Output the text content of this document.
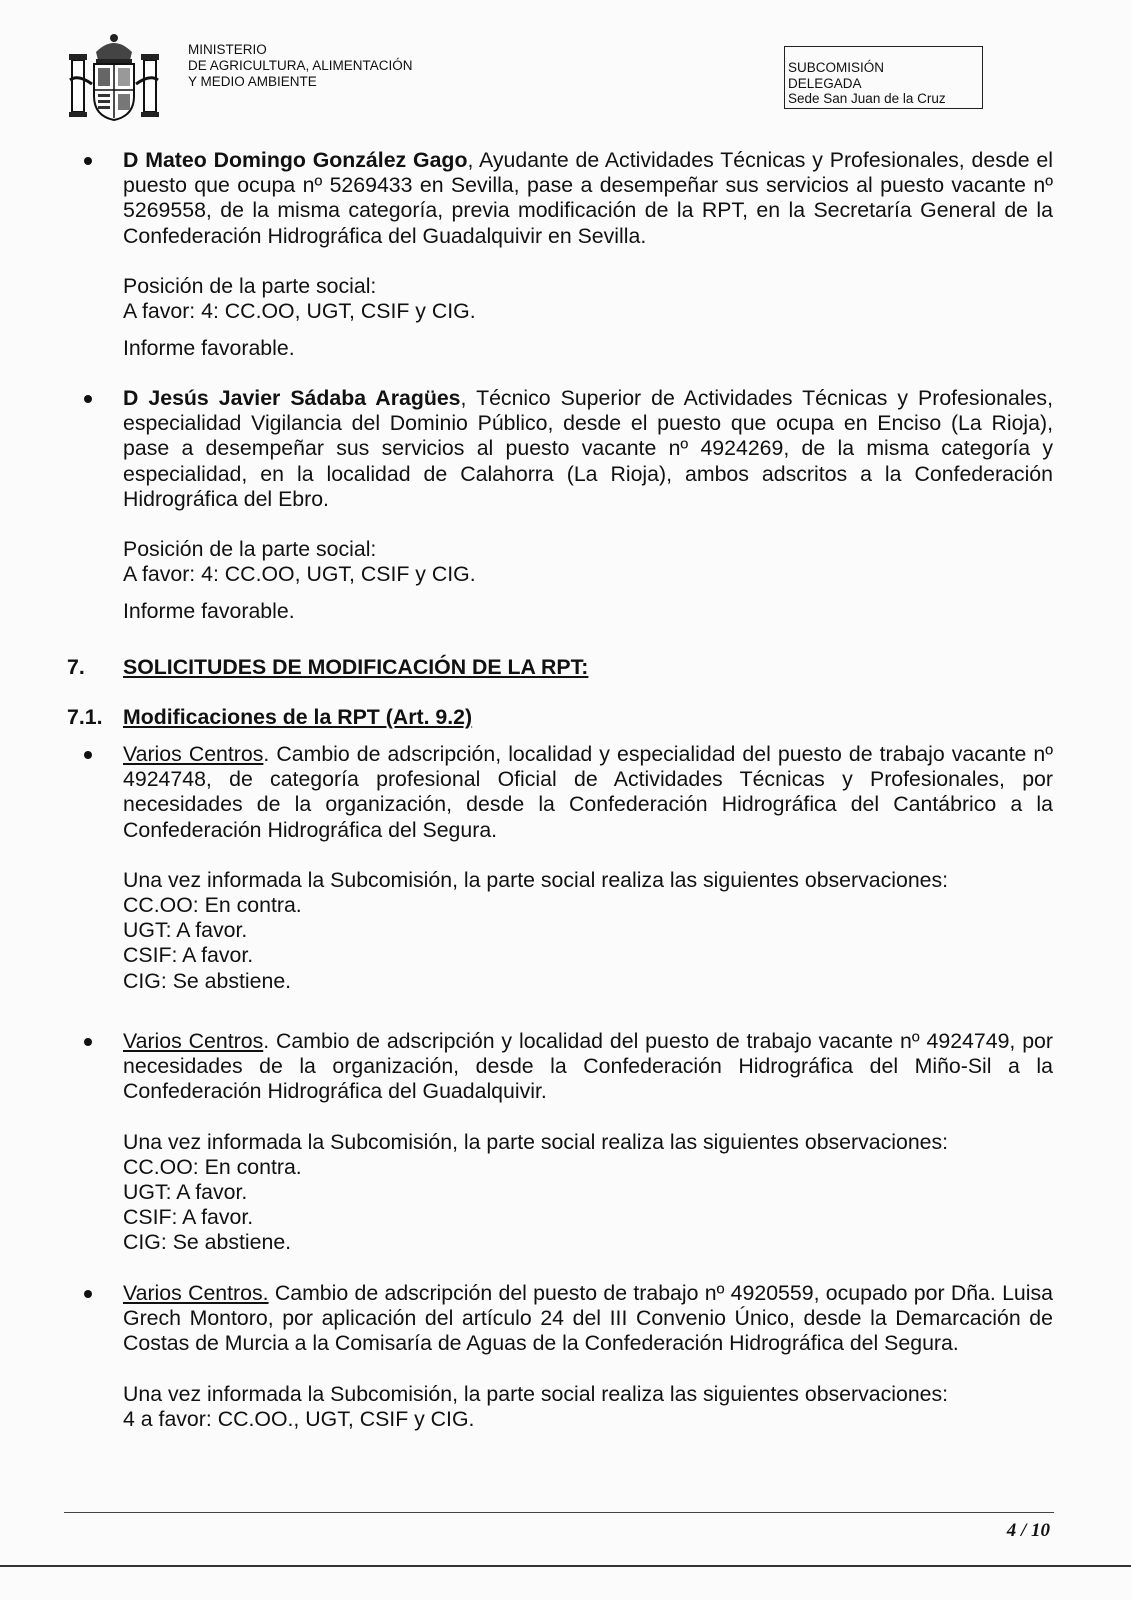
MINISTERIO
DE AGRICULTURA, ALIMENTACIÓN
Y MEDIO AMBIENTE
SUBCOMISIÓN
DELEGADA
Sede San Juan de la Cruz

D Mateo Domingo González Gago, Ayudante de Actividades Técnicas y Profesionales, desde el puesto que ocupa nº 5269433 en Sevilla, pase a desempeñar sus servicios al puesto vacante nº 5269558, de la misma categoría, previa modificación de la RPT, en la Secretaría General de la Confederación Hidrográfica del Guadalquivir en Sevilla.

Posición de la parte social:

A favor: 4: CC.OO, UGT, CSIF y CIG.

Informe favorable.

D Jesús Javier Sádaba Aragües, Técnico Superior de Actividades Técnicas y Profesionales, especialidad Vigilancia del Dominio Público, desde el puesto que ocupa en Enciso (La Rioja), pase a desempeñar sus servicios al puesto vacante nº 4924269, de la misma categoría y especialidad, en la localidad de Calahorra (La Rioja), ambos adscritos a la Confederación Hidrográfica del Ebro.

Posición de la parte social:

A favor: 4: CC.OO, UGT, CSIF y CIG.

Informe favorable.

7. SOLICITUDES DE MODIFICACIÓN DE LA RPT:
7.1. Modificaciones de la RPT (Art. 9.2)

Varios Centros. Cambio de adscripción, localidad y especialidad del puesto de trabajo vacante nº 4924748, de categoría profesional Oficial de Actividades Técnicas y Profesionales, por necesidades de la organización, desde la Confederación Hidrográfica del Cantábrico a la Confederación Hidrográfica del Segura.

Una vez informada la Subcomisión, la parte social realiza las siguientes observaciones:

CC.OO: En contra.

UGT: A favor.

CSIF: A favor.

CIG: Se abstiene.

Varios Centros. Cambio de adscripción y localidad del puesto de trabajo vacante nº 4924749, por necesidades de la organización, desde la Confederación Hidrográfica del Miño-Sil a la Confederación Hidrográfica del Guadalquivir.

Una vez informada la Subcomisión, la parte social realiza las siguientes observaciones:

CC.OO: En contra.

UGT: A favor.

CSIF: A favor.

CIG: Se abstiene.

Varios Centros. Cambio de adscripción del puesto de trabajo nº 4920559, ocupado por Dña. Luisa Grech Montoro, por aplicación del artículo 24 del III Convenio Único, desde la Demarcación de Costas de Murcia a la Comisaría de Aguas de la Confederación Hidrográfica del Segura.

Una vez informada la Subcomisión, la parte social realiza las siguientes observaciones:

4 a favor: CC.OO., UGT, CSIF y CIG.

4 / 10
